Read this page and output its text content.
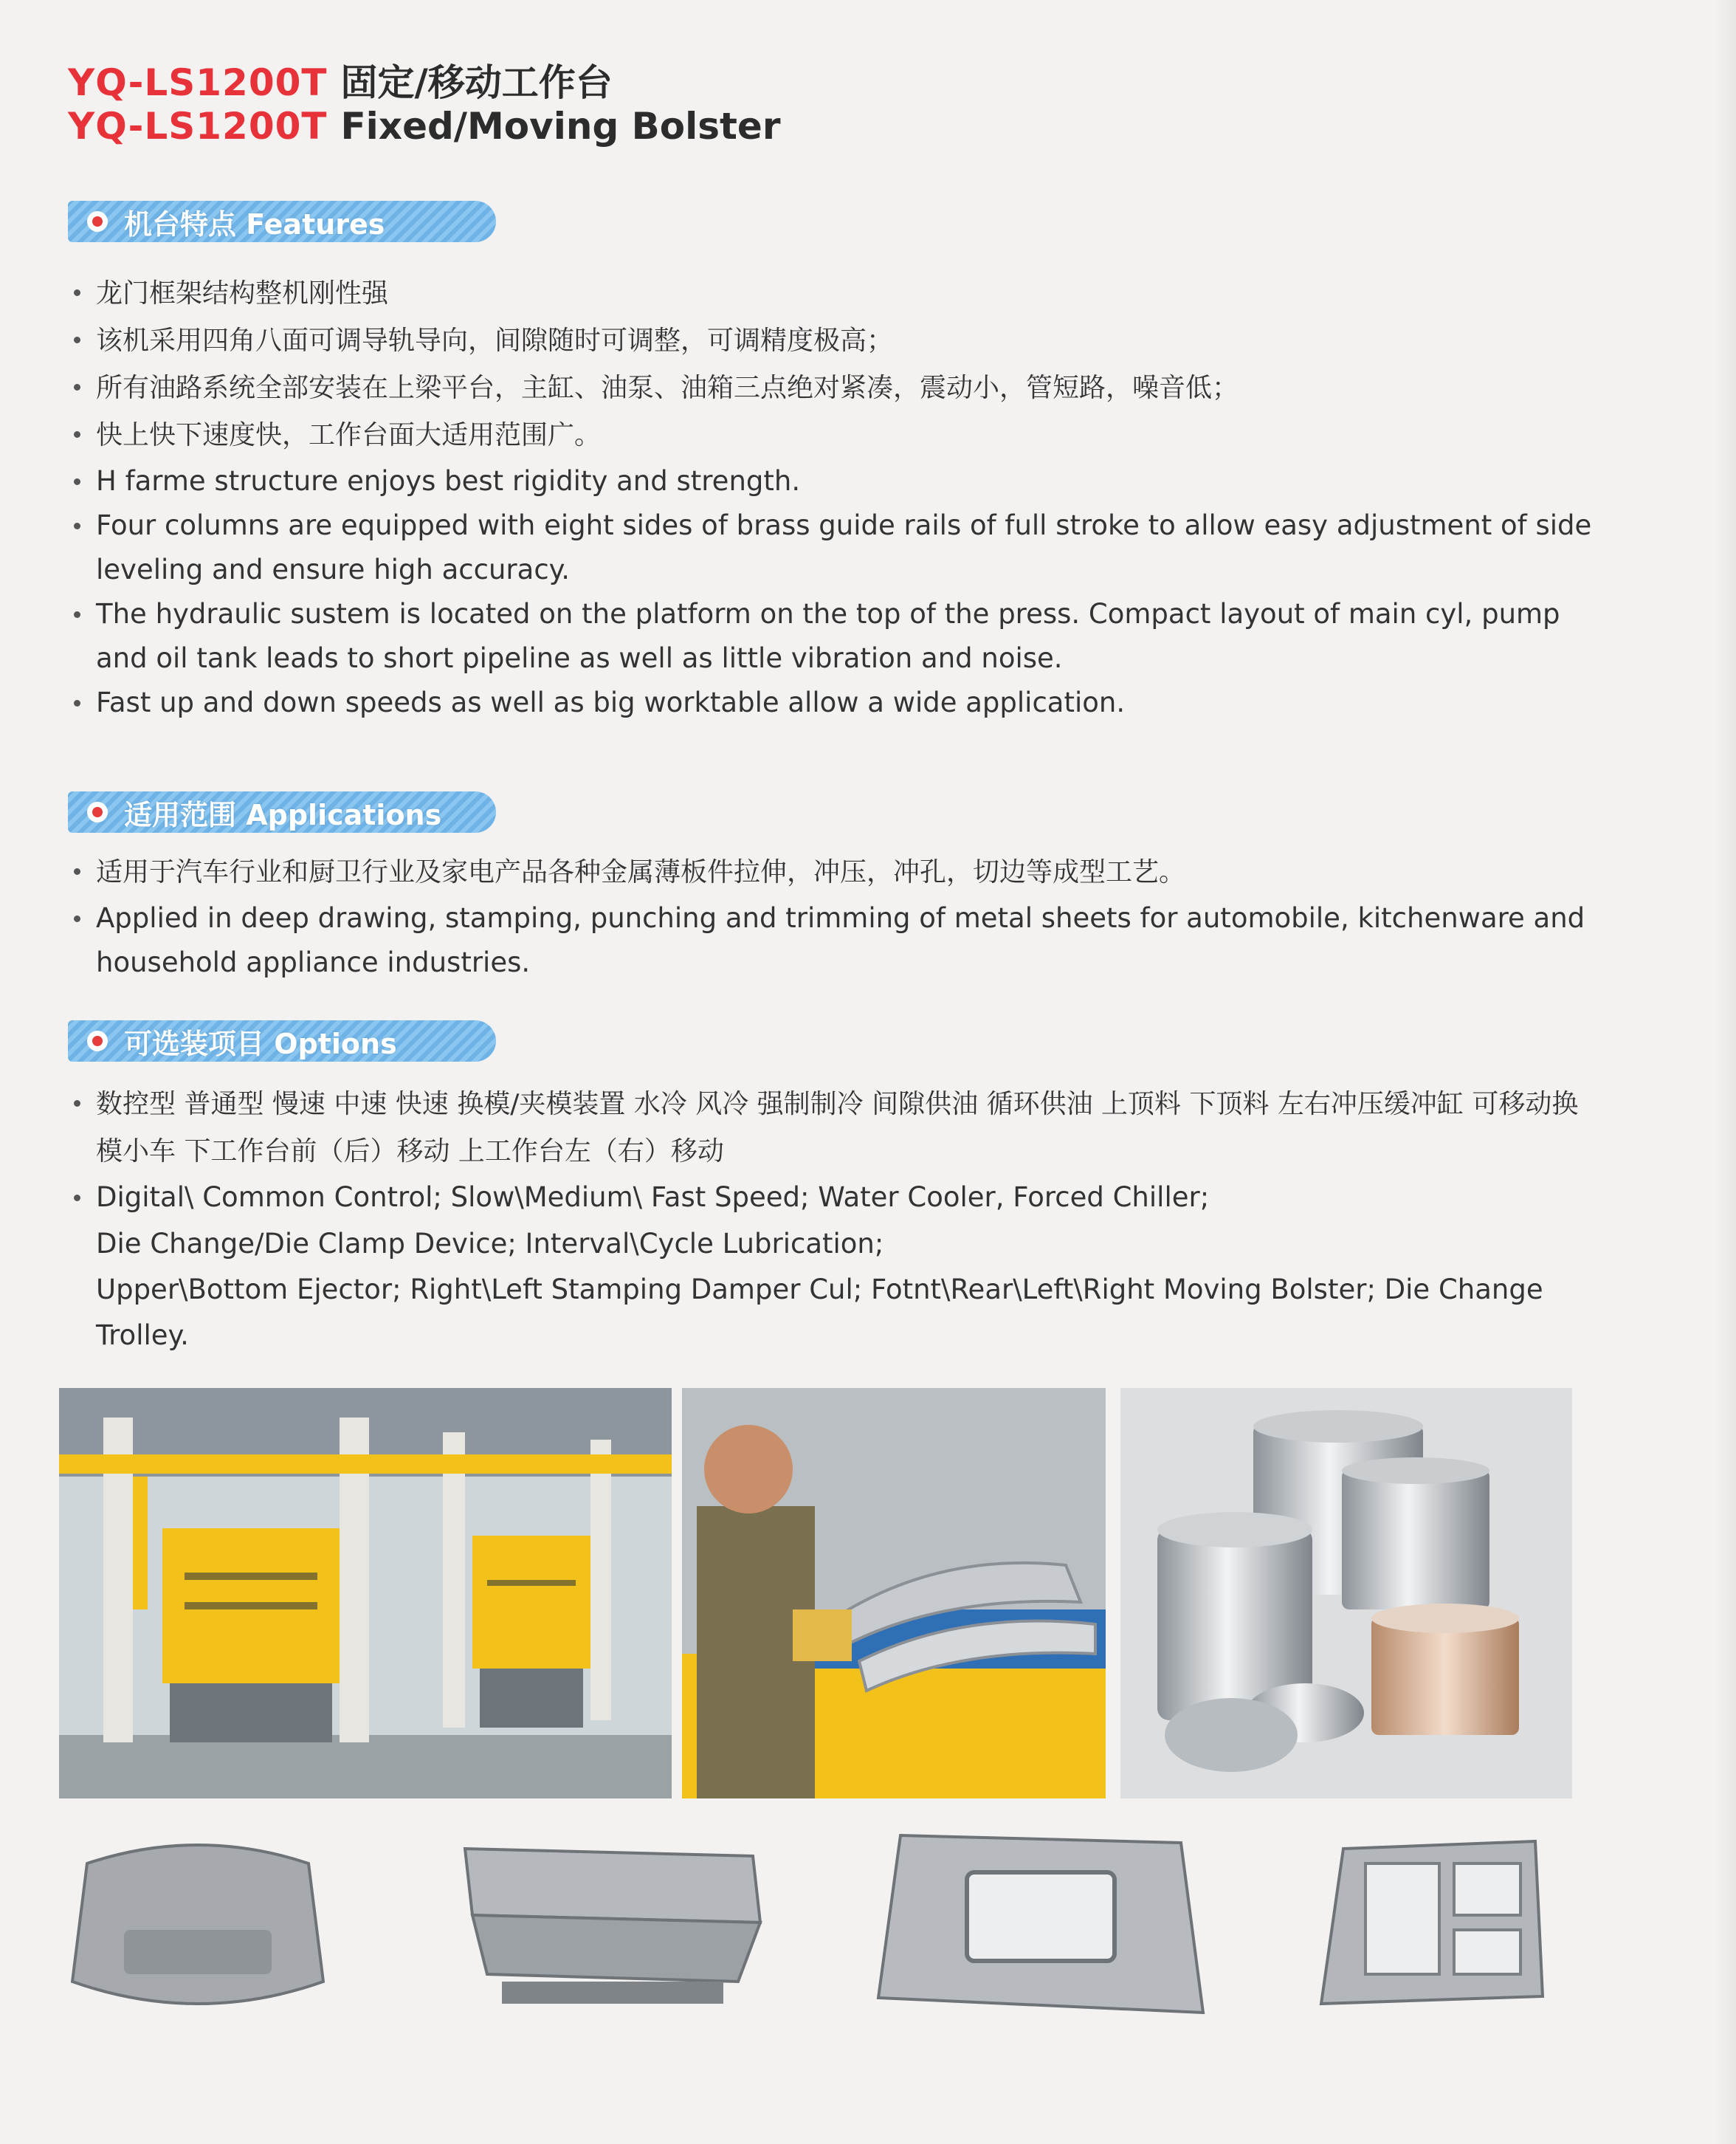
YQ-LS1200T 固定/移动工作台
YQ-LS1200T Fixed/Moving Bolster
机台特点 Features
龙门框架结构整机刚性强
该机采用四角八面可调导轨导向，间隙随时可调整，可调精度极高；
所有油路系统全部安装在上梁平台，主缸、油泵、油箱三点绝对紧凑，震动小，管短路，噪音低；
快上快下速度快，工作台面大适用范围广。
H farme structure enjoys best rigidity and strength.
Four columns are equipped with eight sides of brass guide rails of full stroke to allow easy adjustment of side leveling and ensure high accuracy.
The hydraulic sustem is located on the platform on the top of the press. Compact layout of main cyl, pump and oil tank leads to short pipeline as well as little vibration and noise.
Fast up and down speeds as well as big worktable allow a wide application.
适用范围 Applications
适用于汽车行业和厨卫行业及家电产品各种金属薄板件拉伸，冲压，冲孔，切边等成型工艺。
Applied in deep drawing, stamping, punching and trimming of metal sheets for automobile, kitchenware and household appliance industries.
可选装项目 Options
数控型 普通型 慢速 中速 快速 换模/夹模装置 水冷 风冷 强制制冷 间隙供油 循环供油 上顶料 下顶料 左右冲压缓冲缸 可移动换模小车 下工作台前（后）移动 上工作台左（右）移动
Digital\ Common Control; Slow\Medium\ Fast Speed; Water Cooler, Forced Chiller;
Die Change/Die Clamp Device; Interval\Cycle Lubrication;
Upper\Bottom Ejector; Right\Left Stamping Damper Cul; Fotnt\Rear\Left\Right Moving Bolster; Die Change Trolley.
